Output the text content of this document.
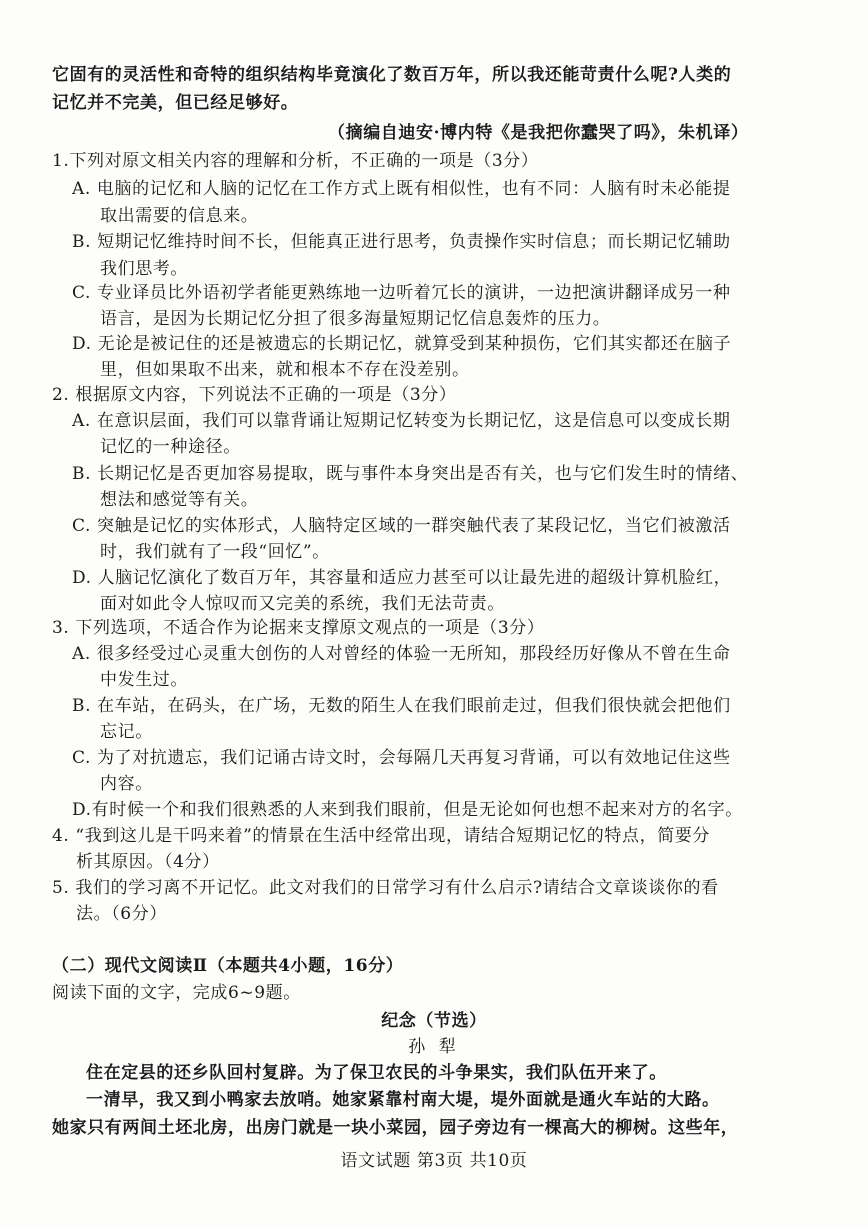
它固有的灵活性和奇特的组织结构毕竟演化了数百万年，所以我还能苛责什么呢?人类的
记忆并不完美，但已经足够好。
（摘编自迪安·博内特《是我把你蠢哭了吗》，朱机译）
1.下列对原文相关内容的理解和分析，不正确的一项是（3分）
A. 电脑的记忆和人脑的记忆在工作方式上既有相似性，也有不同：人脑有时未必能提
取出需要的信息来。
B. 短期记忆维持时间不长，但能真正进行思考，负责操作实时信息；而长期记忆辅助
我们思考。
C. 专业译员比外语初学者能更熟练地一边听着冗长的演讲，一边把演讲翻译成另一种
语言，是因为长期记忆分担了很多海量短期记忆信息轰炸的压力。
D. 无论是被记住的还是被遗忘的长期记忆，就算受到某种损伤，它们其实都还在脑子
里，但如果取不出来，就和根本不存在没差别。
2. 根据原文内容，下列说法不正确的一项是（3分）
A. 在意识层面，我们可以靠背诵让短期记忆转变为长期记忆，这是信息可以变成长期
记忆的一种途径。
B. 长期记忆是否更加容易提取，既与事件本身突出是否有关，也与它们发生时的情绪、
想法和感觉等有关。
C. 突触是记忆的实体形式，人脑特定区域的一群突触代表了某段记忆，当它们被激活
时，我们就有了一段“回忆”。
D. 人脑记忆演化了数百万年，其容量和适应力甚至可以让最先进的超级计算机脸红，
面对如此令人惊叹而又完美的系统，我们无法苛责。
3. 下列选项，不适合作为论据来支撑原文观点的一项是（3分）
A. 很多经受过心灵重大创伤的人对曾经的体验一无所知，那段经历好像从不曾在生命
中发生过。
B. 在车站，在码头，在广场，无数的陌生人在我们眼前走过，但我们很快就会把他们
忘记。
C. 为了对抗遗忘，我们记诵古诗文时，会每隔几天再复习背诵，可以有效地记住这些
内容。
D.有时候一个和我们很熟悉的人来到我们眼前，但是无论如何也想不起来对方的名字。
4. “我到这儿是干吗来着”的情景在生活中经常出现，请结合短期记忆的特点，简要分
析其原因。（4分）
5. 我们的学习离不开记忆。此文对我们的日常学习有什么启示?请结合文章谈谈你的看
法。（6分）
（二）现代文阅读Ⅱ（本题共4小题，16分）
阅读下面的文字，完成6~9题。
纪念（节选）
孙 犁
住在定县的还乡队回村复辟。为了保卫农民的斗争果实，我们队伍开来了。
一清早，我又到小鸭家去放哨。她家紧靠村南大堤，堤外面就是通火车站的大路。
她家只有两间土坯北房，出房门就是一块小菜园，园子旁边有一棵高大的柳树。这些年，
语文试题 第3页 共10页
